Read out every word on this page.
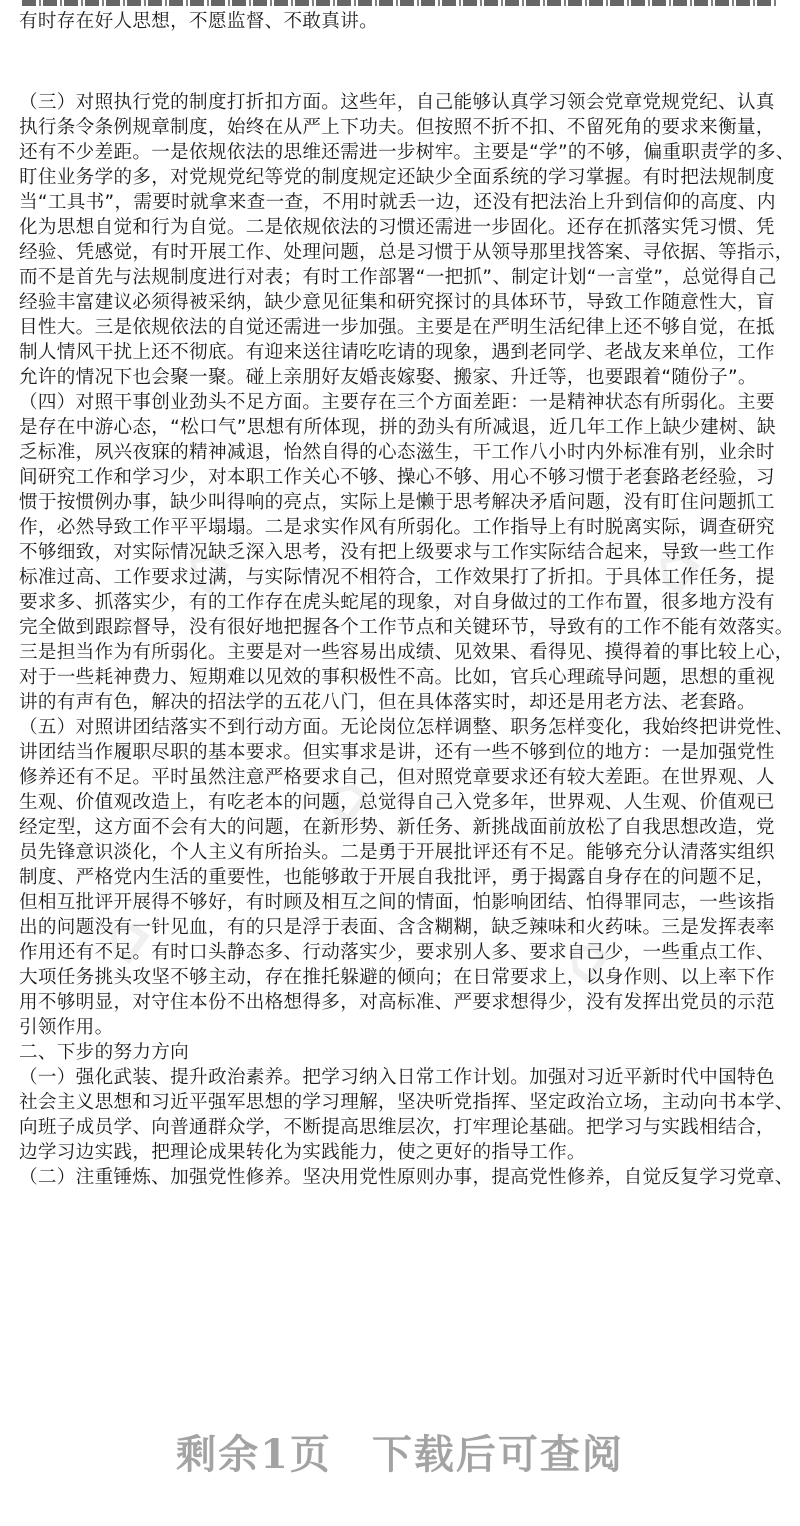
有时存在好人思想，不愿监督、不敢真讲。
（三）对照执行党的制度打折扣方面。这些年，自己能够认真学习领会党章党规党纪、认真
执行条令条例规章制度，始终在从严上下功夫。但按照不折不扣、不留死角的要求来衡量，
还有不少差距。一是依规依法的思维还需进一步树牢。主要是“学”的不够，偏重职责学的多、
盯住业务学的多，对党规党纪等党的制度规定还缺少全面系统的学习掌握。有时把法规制度
当“工具书”，需要时就拿来查一查，不用时就丢一边，还没有把法治上升到信仰的高度、内
化为思想自觉和行为自觉。二是依规依法的习惯还需进一步固化。还存在抓落实凭习惯、凭
经验、凭感觉，有时开展工作、处理问题，总是习惯于从领导那里找答案、寻依据、等指示，
而不是首先与法规制度进行对表；有时工作部署“一把抓”、制定计划“一言堂”，总觉得自己
经验丰富建议必须得被采纳，缺少意见征集和研究探讨的具体环节，导致工作随意性大，盲
目性大。三是依规依法的自觉还需进一步加强。主要是在严明生活纪律上还不够自觉，在抵
制人情风干扰上还不彻底。有迎来送往请吃吃请的现象，遇到老同学、老战友来单位，工作
允许的情况下也会聚一聚。碰上亲朋好友婚丧嫁娶、搬家、升迁等，也要跟着“随份子”。
（四）对照干事创业劲头不足方面。主要存在三个方面差距：一是精神状态有所弱化。主要
是存在中游心态，“松口气”思想有所体现，拼的劲头有所减退，近几年工作上缺少建树、缺
乏标准，夙兴夜寐的精神减退，怡然自得的心态滋生，干工作八小时内外标准有别，业余时
间研究工作和学习少，对本职工作关心不够、操心不够、用心不够习惯于老套路老经验，习
惯于按惯例办事，缺少叫得响的亮点，实际上是懒于思考解决矛盾问题，没有盯住问题抓工
作，必然导致工作平平塌塌。二是求实作风有所弱化。工作指导上有时脱离实际，调查研究
不够细致，对实际情况缺乏深入思考，没有把上级要求与工作实际结合起来，导致一些工作
标准过高、工作要求过满，与实际情况不相符合，工作效果打了折扣。于具体工作任务，提
要求多、抓落实少，有的工作存在虎头蛇尾的现象，对自身做过的工作布置，很多地方没有
完全做到跟踪督导，没有很好地把握各个工作节点和关键环节，导致有的工作不能有效落实。
三是担当作为有所弱化。主要是对一些容易出成绩、见效果、看得见、摸得着的事比较上心，
对于一些耗神费力、短期难以见效的事积极性不高。比如，官兵心理疏导问题，思想的重视
讲的有声有色，解决的招法学的五花八门，但在具体落实时，却还是用老方法、老套路。
（五）对照讲团结落实不到行动方面。无论岗位怎样调整、职务怎样变化，我始终把讲党性、
讲团结当作履职尽职的基本要求。但实事求是讲，还有一些不够到位的地方：一是加强党性
修养还有不足。平时虽然注意严格要求自己，但对照党章要求还有较大差距。在世界观、人
生观、价值观改造上，有吃老本的问题，总觉得自己入党多年，世界观、人生观、价值观已
经定型，这方面不会有大的问题，在新形势、新任务、新挑战面前放松了自我思想改造，党
员先锋意识淡化，个人主义有所抬头。二是勇于开展批评还有不足。能够充分认清落实组织
制度、严格党内生活的重要性，也能够敢于开展自我批评，勇于揭露自身存在的问题不足，
但相互批评开展得不够好，有时顾及相互之间的情面，怕影响团结、怕得罪同志，一些该指
出的问题没有一针见血，有的只是浮于表面、含含糊糊，缺乏辣味和火药味。三是发挥表率
作用还有不足。有时口头静态多、行动落实少，要求别人多、要求自己少，一些重点工作、
大项任务挑头攻坚不够主动，存在推托躲避的倾向；在日常要求上，以身作则、以上率下作
用不够明显，对守住本份不出格想得多，对高标准、严要求想得少，没有发挥出党员的示范
引领作用。
二、下步的努力方向
（一）强化武装、提升政治素养。把学习纳入日常工作计划。加强对习近平新时代中国特色
社会主义思想和习近平强军思想的学习理解，坚决听党指挥、坚定政治立场，主动向书本学、
向班子成员学、向普通群众学，不断提高思维层次，打牢理论基础。把学习与实践相结合，
边学习边实践，把理论成果转化为实践能力，使之更好的指导工作。
（二）注重锤炼、加强党性修养。坚决用党性原则办事，提高党性修养，自觉反复学习党章、
⌂	⌂
⌂
⌂	⌂
剩余1页 下载后可查阅
